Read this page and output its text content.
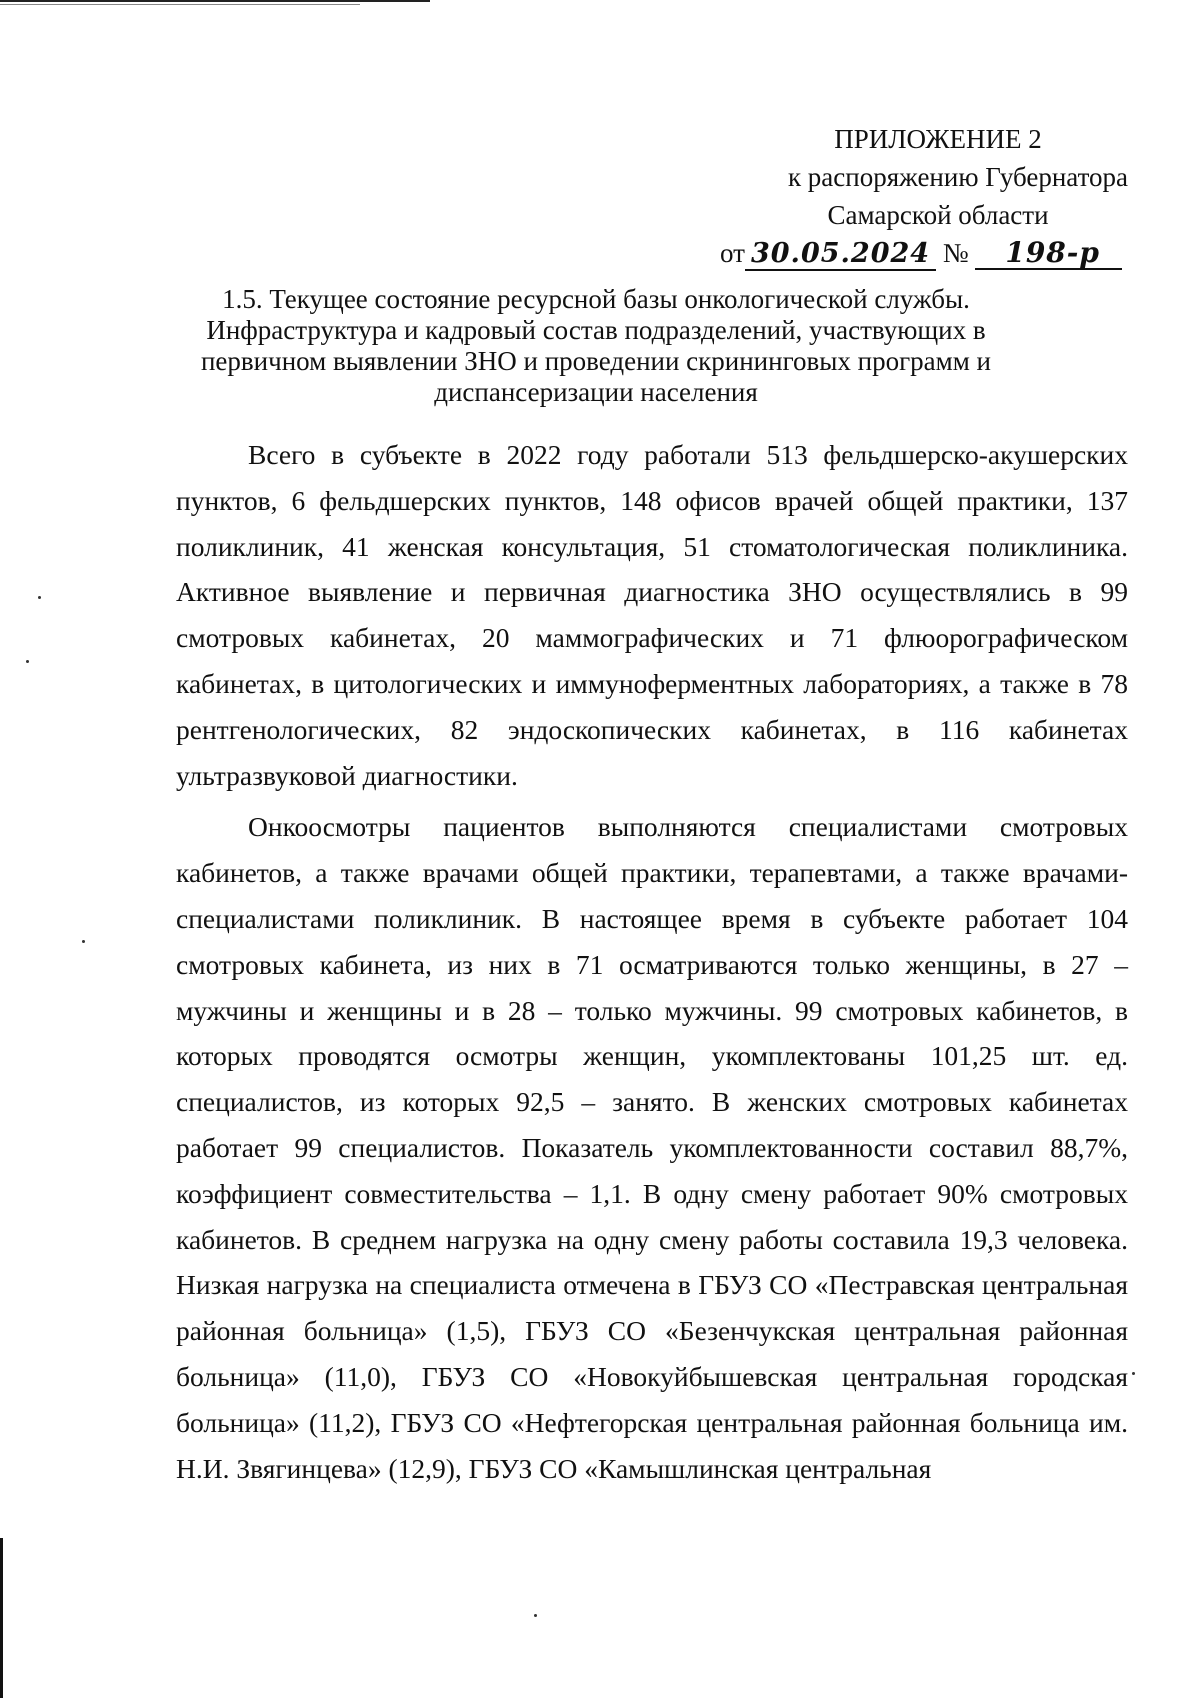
ПРИЛОЖЕНИЕ 2
к распоряжению Губернатора
Самарской области
от 30.05.2024 № 198-р
1.5. Текущее состояние ресурсной базы онкологической службы. Инфраструктура и кадровый состав подразделений, участвующих в первичном выявлении ЗНО и проведении скрининговых программ и диспансеризации населения

Всего в субъекте в 2022 году работали 513 фельдшерско-акушерских пунктов, 6 фельдшерских пунктов, 148 офисов врачей общей практики, 137 поликлиник, 41 женская консультация, 51 стоматологическая поликлиника. Активное выявление и первичная диагностика ЗНО осуществлялись в 99 смотровых кабинетах, 20 маммографических и 71 флюорографическом кабинетах, в цитологических и иммуноферментных лабораториях, а также в 78 рентгенологических, 82 эндоскопических кабинетах, в 116 кабинетах ультразвуковой диагностики.

Онкоосмотры пациентов выполняются специалистами смотровых кабинетов, а также врачами общей практики, терапевтами, а также врачами-специалистами поликлиник. В настоящее время в субъекте работает 104 смотровых кабинета, из них в 71 осматриваются только женщины, в 27 – мужчины и женщины и в 28 – только мужчины. 99 смотровых кабинетов, в которых проводятся осмотры женщин, укомплектованы 101,25 шт. ед. специалистов, из которых 92,5 – занято. В женских смотровых кабинетах работает 99 специалистов. Показатель укомплектованности составил 88,7%, коэффициент совместительства – 1,1. В одну смену работает 90% смотровых кабинетов. В среднем нагрузка на одну смену работы составила 19,3 человека. Низкая нагрузка на специалиста отмечена в ГБУЗ СО «Пестравская центральная районная больница» (1,5), ГБУЗ СО «Безенчукская центральная районная больница» (11,0), ГБУЗ СО «Новокуйбышевская центральная городская больница» (11,2), ГБУЗ СО «Нефтегорская центральная районная больница им. Н.И. Звягинцева» (12,9), ГБУЗ СО «Камышлинская центральная
